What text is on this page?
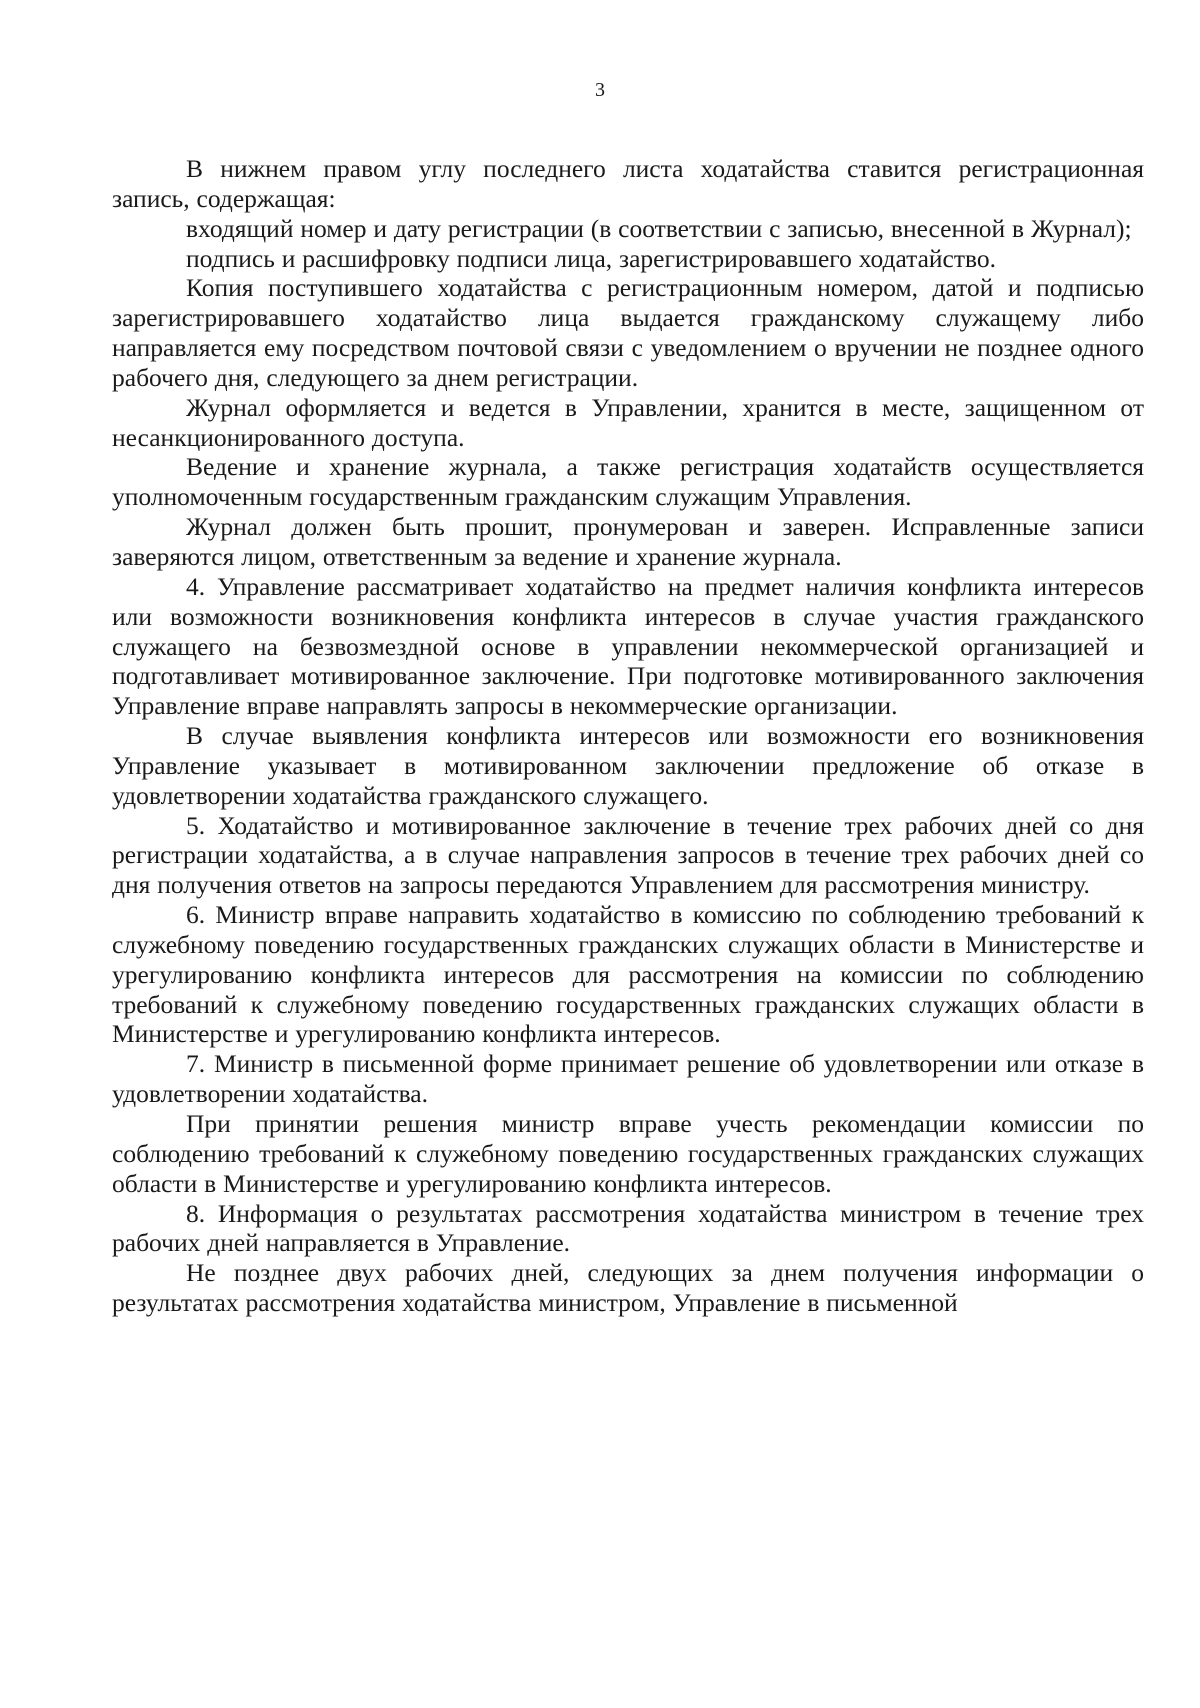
3

В нижнем правом углу последнего листа ходатайства ставится регистрационная запись, содержащая:

входящий номер и дату регистрации (в соответствии с записью, внесенной в Журнал);

подпись и расшифровку подписи лица, зарегистрировавшего ходатайство.

Копия поступившего ходатайства с регистрационным номером, датой и подписью зарегистрировавшего ходатайство лица выдается гражданскому служащему либо направляется ему посредством почтовой связи с уведомлением о вручении не позднее одного рабочего дня, следующего за днем регистрации.

Журнал оформляется и ведется в Управлении, хранится в месте, защищенном от несанкционированного доступа.

Ведение и хранение журнала, а также регистрация ходатайств осуществляется уполномоченным государственным гражданским служащим Управления.

Журнал должен быть прошит, пронумерован и заверен. Исправленные записи заверяются лицом, ответственным за ведение и хранение журнала.

4. Управление рассматривает ходатайство на предмет наличия конфликта интересов или возможности возникновения конфликта интересов в случае участия гражданского служащего на безвозмездной основе в управлении некоммерческой организацией и подготавливает мотивированное заключение. При подготовке мотивированного заключения Управление вправе направлять запросы в некоммерческие организации.

В случае выявления конфликта интересов или возможности его возникновения Управление указывает в мотивированном заключении предложение об отказе в удовлетворении ходатайства гражданского служащего.

5. Ходатайство и мотивированное заключение в течение трех рабочих дней со дня регистрации ходатайства, а в случае направления запросов в течение трех рабочих дней со дня получения ответов на запросы передаются Управлением для рассмотрения министру.

6. Министр вправе направить ходатайство в комиссию по соблюдению требований к служебному поведению государственных гражданских служащих области в Министерстве и урегулированию конфликта интересов для рассмотрения на комиссии по соблюдению требований к служебному поведению государственных гражданских служащих области в Министерстве и урегулированию конфликта интересов.

7. Министр в письменной форме принимает решение об удовлетворении или отказе в удовлетворении ходатайства.

При принятии решения министр вправе учесть рекомендации комиссии по соблюдению требований к служебному поведению государственных гражданских служащих области в Министерстве и урегулированию конфликта интересов.

8. Информация о результатах рассмотрения ходатайства министром в течение трех рабочих дней направляется в Управление.

Не позднее двух рабочих дней, следующих за днем получения информации о результатах рассмотрения ходатайства министром, Управление в письменной
